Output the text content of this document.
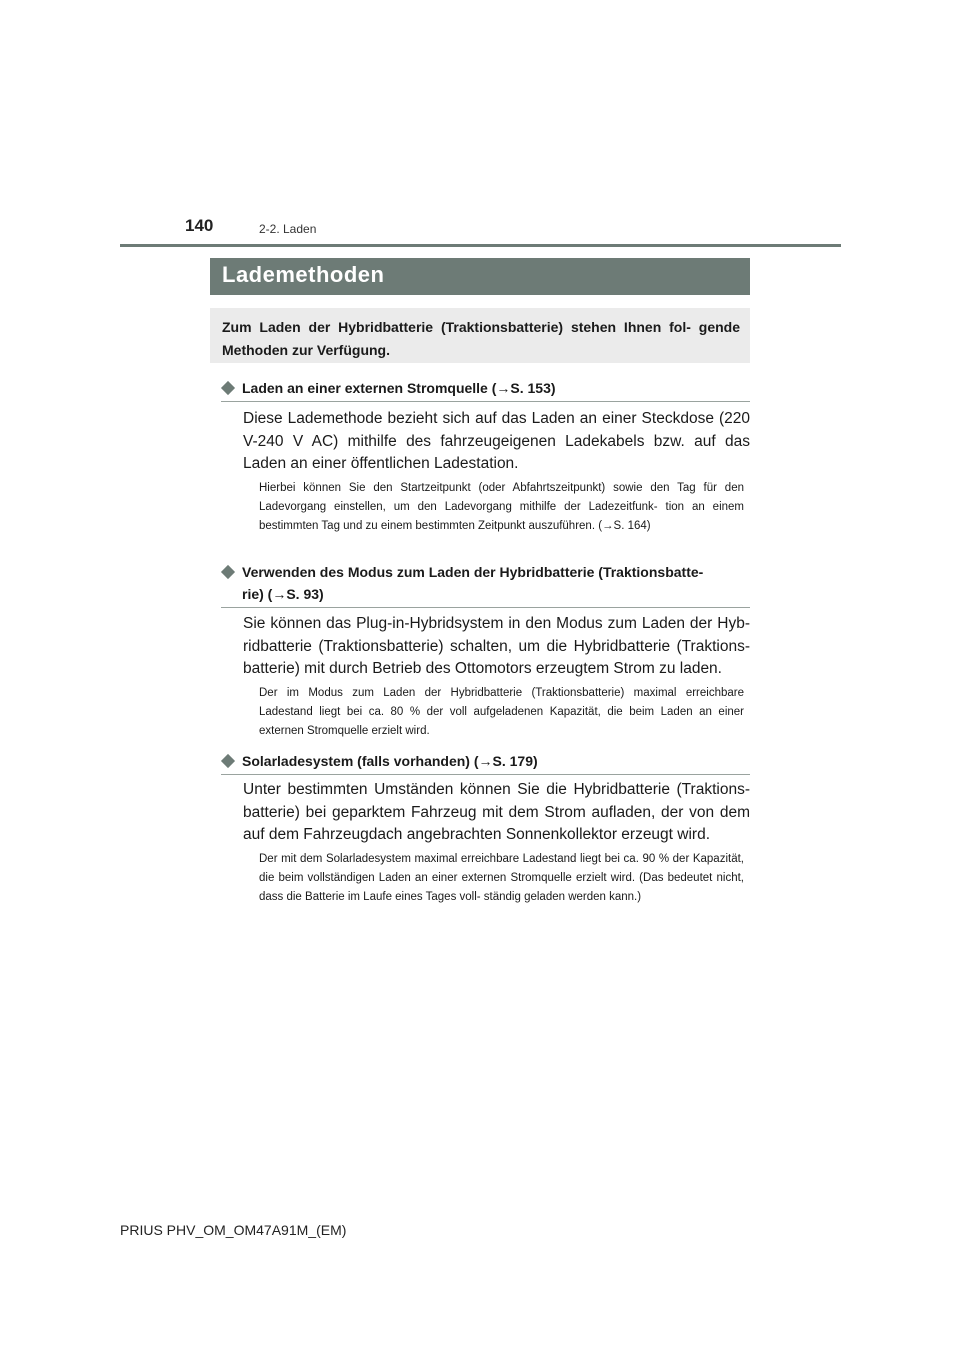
140	2-2. Laden
Lademethoden

Zum Laden der Hybridbatterie (Traktionsbatterie) stehen Ihnen fol- gende Methoden zur Verfügung.

Laden an einer externen Stromquelle (→S. 153)

Diese Lademethode bezieht sich auf das Laden an einer Steckdose (220 V-240 V AC) mithilfe des fahrzeugeigenen Ladekabels bzw. auf das Laden an einer öffentlichen Ladestation.

Hierbei können Sie den Startzeitpunkt (oder Abfahrtszeitpunkt) sowie den Tag für den Ladevorgang einstellen, um den Ladevorgang mithilfe der Ladezeitfunk- tion an einem bestimmten Tag und zu einem bestimmten Zeitpunkt auszuführen. (→S. 164)

Verwenden des Modus zum Laden der Hybridbatterie (Traktionsbatte-
rie) (→S. 93)

Sie können das Plug-in-Hybridsystem in den Modus zum Laden der Hyb- ridbatterie (Traktionsbatterie) schalten, um die Hybridbatterie (Traktions- batterie) mit durch Betrieb des Ottomotors erzeugtem Strom zu laden.

Der im Modus zum Laden der Hybridbatterie (Traktionsbatterie) maximal erreichbare Ladestand liegt bei ca. 80 % der voll aufgeladenen Kapazität, die beim Laden an einer externen Stromquelle erzielt wird.

Solarladesystem (falls vorhanden) (→S. 179)

Unter bestimmten Umständen können Sie die Hybridbatterie (Traktions- batterie) bei geparktem Fahrzeug mit dem Strom aufladen, der von dem auf dem Fahrzeugdach angebrachten Sonnenkollektor erzeugt wird.

Der mit dem Solarladesystem maximal erreichbare Ladestand liegt bei ca. 90 % der Kapazität, die beim vollständigen Laden an einer externen Stromquelle erzielt wird. (Das bedeutet nicht, dass die Batterie im Laufe eines Tages voll- ständig geladen werden kann.)

PRIUS PHV_OM_OM47A91M_(EM)
